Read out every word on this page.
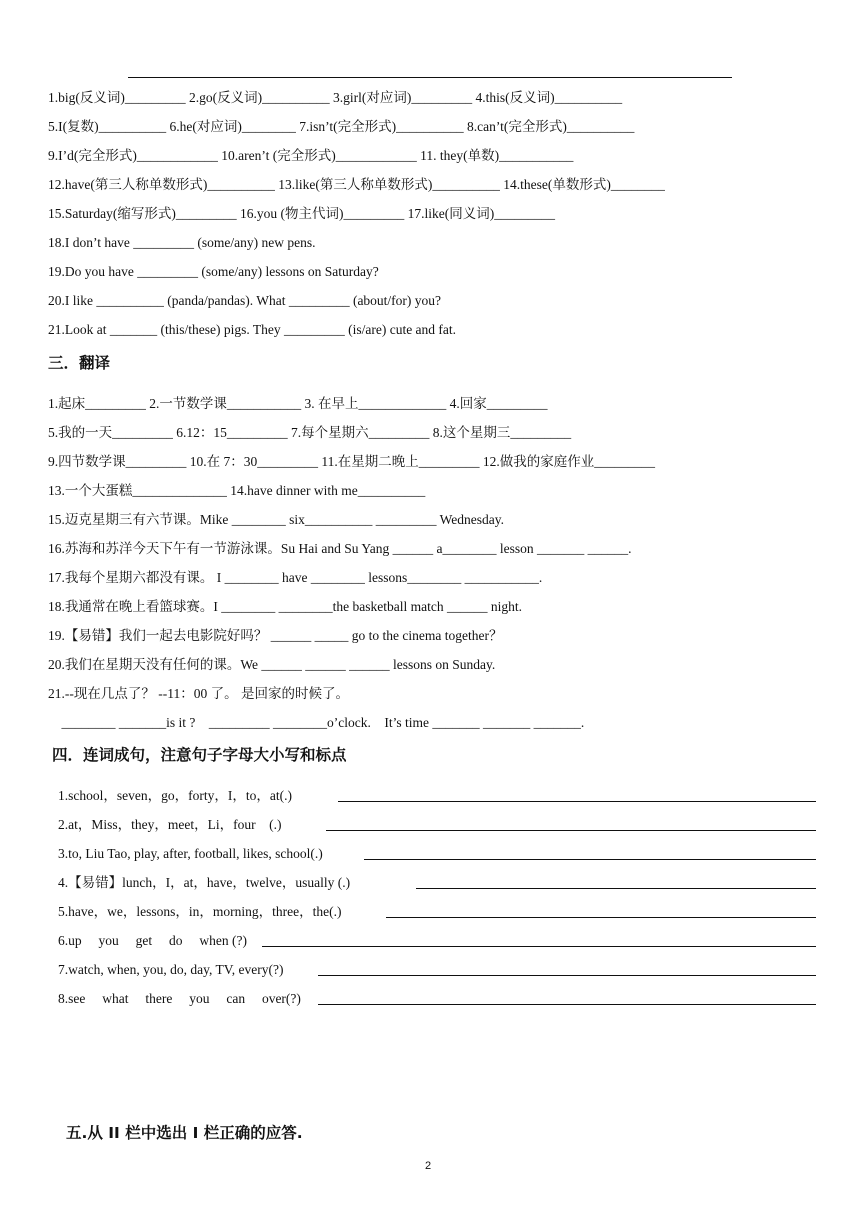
1.big(反义词)_________ 2.go(反义词)__________ 3.girl(对应词)_________ 4.this(反义词)__________
5.I(复数)__________ 6.he(对应词)________ 7.isn’t(完全形式)__________ 8.can’t(完全形式)__________
9.I’d(完全形式)____________ 10.aren’t (完全形式)____________ 11. they(单数)___________
12.have(第三人称单数形式)__________ 13.like(第三人称单数形式)__________ 14.these(单数形式)________
15.Saturday(缩写形式)_________ 16.you (物主代词)_________ 17.like(同义词)_________
18.I don’t have _________ (some/any) new pens.
19.Do you have _________ (some/any) lessons on Saturday?
20.I like __________ (panda/pandas). What _________ (about/for) you?
21.Look at _______ (this/these) pigs. They _________ (is/are) cute and fat.
三．翻译
1.起床_________ 2.一节数学课___________ 3. 在早上_____________ 4.回家_________
5.我的一天_________ 6.12：15_________ 7.每个星期六_________ 8.这个星期三_________
9.四节数学课_________ 10.在 7：30_________ 11.在星期二晚上_________ 12.做我的家庭作业_________
13.一个大蛋糕______________ 14.have dinner with me__________
15.迈克星期三有六节课。Mike ________ six__________ _________ Wednesday.
16.苏海和苏洋今天下午有一节游泳课。Su Hai and Su Yang ______ a________ lesson _______ ______.
17.我每个星期六都没有课。 I ________ have ________ lessons________ ___________.
18.我通常在晚上看篮球赛。I ________ ________the basketball match ______ night.
19.【易错】我们一起去电影院好吗？ ______ _____ go to the cinema together？
20.我们在星期天没有任何的课。We ______ ______ ______ lessons on Sunday.
21.--现在几点了？ --11：00 了。 是回家的时候了。
________ _______is it ?    _________ ________o’clock.    It’s time _______ _______ _______.
四．连词成句，注意句子字母大小写和标点
1.school，seven，go，forty，I，to，at(.)
2.at，Miss，they，meet，Li，four    (.)
3.to, Liu Tao, play, after, football, likes, school(.)
4.【易错】lunch，I，at，have，twelve，usually (.)
5.have，we，lessons，in，morning，three，the(.)
6.up     you     get     do     when (?)
7.watch, when, you, do, day, TV, every(?)
8.see     what     there     you     can     over(?)
五.从 II 栏中选出 I 栏正确的应答.
2
